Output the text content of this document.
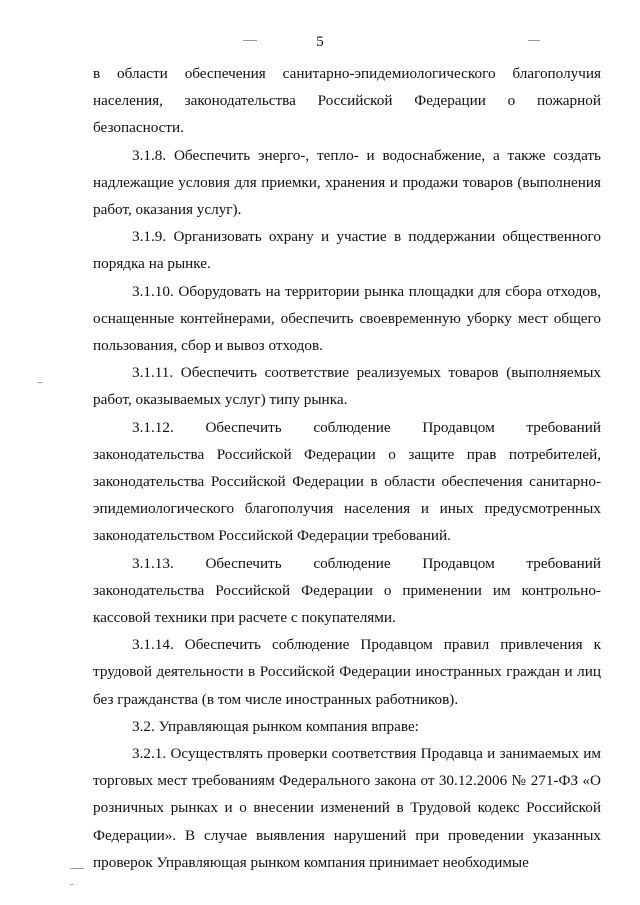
5

в области обеспечения санитарно-эпидемиологического благополучия населения, законодательства Российской Федерации о пожарной безопасности.

3.1.8. Обеспечить энерго-, тепло- и водоснабжение, а также создать надлежащие условия для приемки, хранения и продажи товаров (выполнения работ, оказания услуг).

3.1.9. Организовать охрану и участие в поддержании общественного порядка на рынке.

3.1.10. Оборудовать на территории рынка площадки для сбора отходов, оснащенные контейнерами, обеспечить своевременную уборку мест общего пользования, сбор и вывоз отходов.

3.1.11. Обеспечить соответствие реализуемых товаров (выполняемых работ, оказываемых услуг) типу рынка.

3.1.12. Обеспечить соблюдение Продавцом требований законодательства Российской Федерации о защите прав потребителей, законодательства Российской Федерации в области обеспечения санитарно-эпидемиологического благополучия населения и иных предусмотренных законодательством Российской Федерации требований.

3.1.13. Обеспечить соблюдение Продавцом требований законодательства Российской Федерации о применении им контрольно-кассовой техники при расчете с покупателями.

3.1.14. Обеспечить соблюдение Продавцом правил привлечения к трудовой деятельности в Российской Федерации иностранных граждан и лиц без гражданства (в том числе иностранных работников).

3.2. Управляющая рынком компания вправе:

3.2.1. Осуществлять проверки соответствия Продавца и занимаемых им торговых мест требованиям Федерального закона от 30.12.2006 № 271-ФЗ «О розничных рынках и о внесении изменений в Трудовой кодекс Российской Федерации». В случае выявления нарушений при проведении указанных проверок Управляющая рынком компания принимает необходимые
